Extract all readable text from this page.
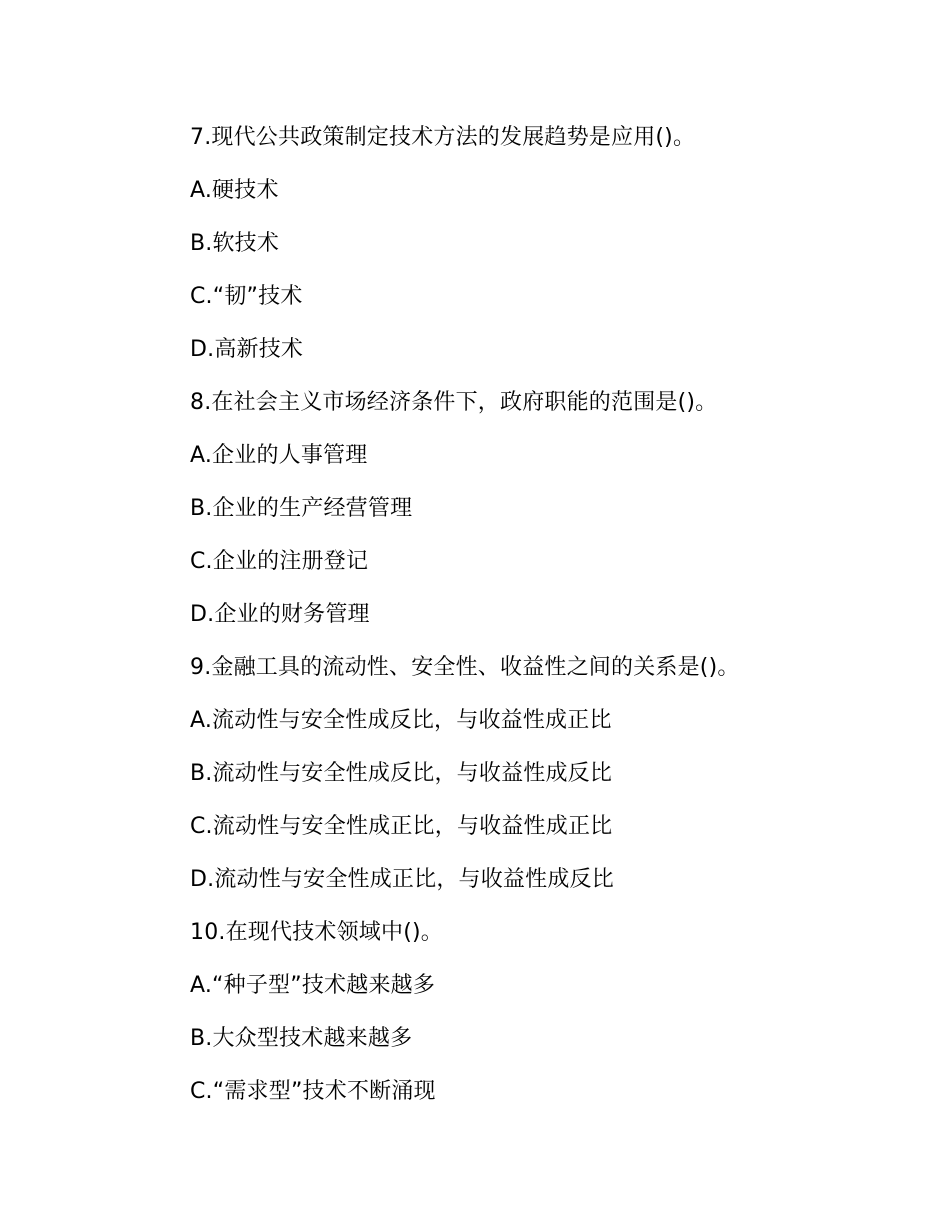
7.现代公共政策制定技术方法的发展趋势是应用()。
A.硬技术
B.软技术
C.“韧”技术
D.高新技术
8.在社会主义市场经济条件下，政府职能的范围是()。
A.企业的人事管理
B.企业的生产经营管理
C.企业的注册登记
D.企业的财务管理
9.金融工具的流动性、安全性、收益性之间的关系是()。
A.流动性与安全性成反比，与收益性成正比
B.流动性与安全性成反比，与收益性成反比
C.流动性与安全性成正比，与收益性成正比
D.流动性与安全性成正比，与收益性成反比
10.在现代技术领域中()。
A.“种子型”技术越来越多
B.大众型技术越来越多
C.“需求型”技术不断涌现
